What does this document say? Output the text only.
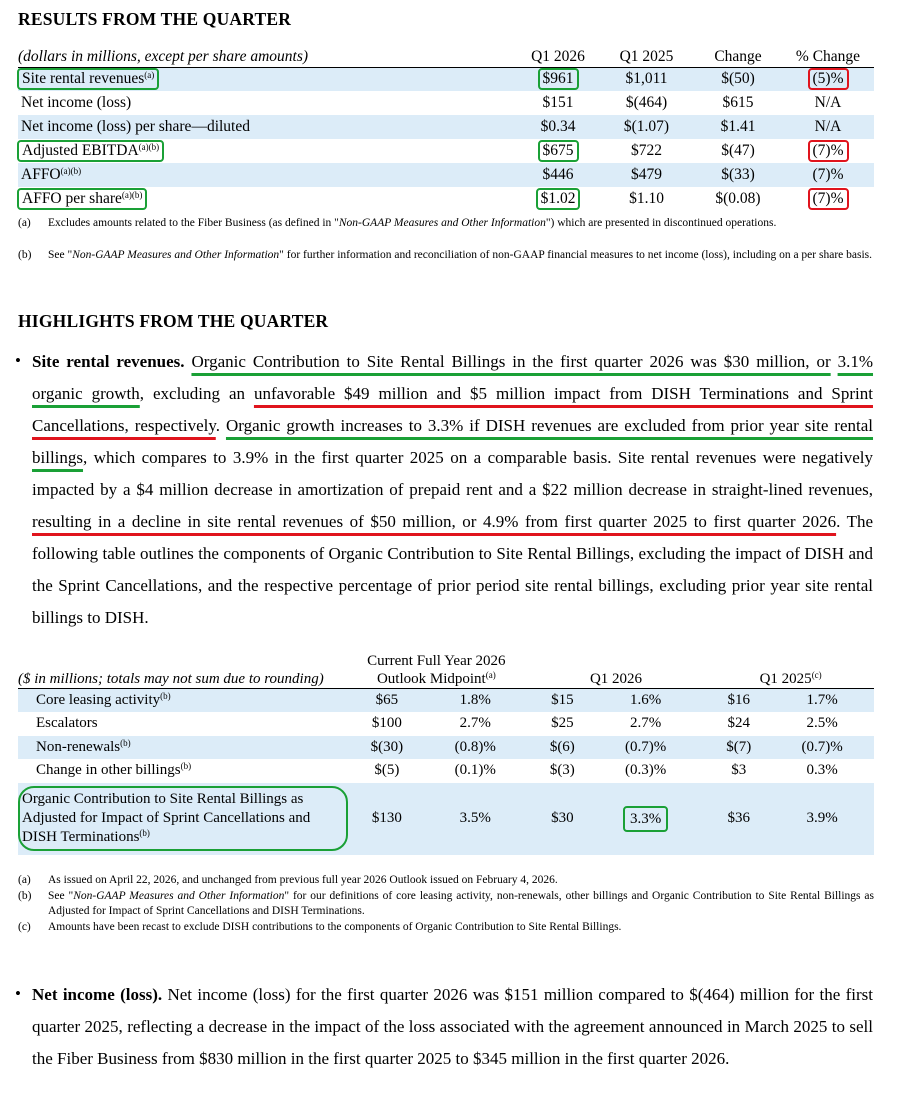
RESULTS FROM THE QUARTER
(dollars in millions, except per share amounts)	Q1 2026	Q1 2025	Change	% Change
Site rental revenues$^{(a)}$	$961	$1,011	$(50)	(5)%
Net income (loss)	$151	$(464)	$615	N/A
Net income (loss) per share—diluted	$0.34	$(1.07)	$1.41	N/A
Adjusted $EBITDA^{(a)(b)}$	$675	$722	$(47)	(7)%
$AFFO^{(a)(b)}$	$446	$479	$(33)	(7)%
AFFO per share$^{(a)(b)}$	$1.02	$1.10	$(0.08)	(7)%
(a) Excludes amounts related to the Fiber Business (as defined in "Non-GAAP Measures and Other Information") which are presented in discontinued operations.
(b) See "Non-GAAP Measures and Other Information" for further information and reconciliation of non-GAAP financial measures to net income (loss), including on a per share basis.
HIGHLIGHTS FROM THE QUARTER
• Site rental revenues. Organic Contribution to Site Rental Billings in the first quarter 2026 was $30 million, or 3.1% organic growth, excluding an unfavorable $49 million and $5 million impact from DISH Terminations and Sprint Cancellations, respectively. Organic growth increases to 3.3% if DISH revenues are excluded from prior year site rental billings, which compares to 3.9% in the first quarter 2025 on a comparable basis. Site rental revenues were negatively impacted by a $4 million decrease in amortization of prepaid rent and a $22 million decrease in straight-lined revenues, resulting in a decline in site rental revenues of $50 million, or 4.9% from first quarter 2025 to first quarter 2026. The following table outlines the components of Organic Contribution to Site Rental Billings, excluding the impact of DISH and the Sprint Cancellations, and the respective percentage of prior period site rental billings, excluding prior year site rental billings to DISH.
($ in millions; totals may not sum due to rounding)	Current Full Year 2026 Outlook Midpoint$^{(a)}$			Q1 2026			Q1 2025$^{(c)}$
Core leasing activity$^{(b)}$	$65	1.8%		$15	1.6%		$16	1.7%
Escalators	$100	2.7%		$25	2.7%		$24	2.5%
Non-renewals$^{(b)}$	$(30)	(0.8)%		$(6)	(0.7)%		$(7)	(0.7)%
Change in other billings$^{(b)}$	$(5)	(0.1)%		$(3)	(0.3)%		$3	0.3%
Organic Contribution to Site Rental Billings as Adjusted for Impact of Sprint Cancellations and DISH Terminations$^{(b)}$	$130	3.5%		$30	3.3%		$36	3.9%
(a) As issued on April 22, 2026, and unchanged from previous full year 2026 Outlook issued on February 4, 2026.
(b) See "Non-GAAP Measures and Other Information" for our definitions of core leasing activity, non-renewals, other billings and Organic Contribution to Site Rental Billings as Adjusted for Impact of Sprint Cancellations and DISH Terminations.
(c) Amounts have been recast to exclude DISH contributions to the components of Organic Contribution to Site Rental Billings.
• Net income (loss). Net income (loss) for the first quarter 2026 was $151 million compared to $(464) million for the first quarter 2025, reflecting a decrease in the impact of the loss associated with the agreement announced in March 2025 to sell the Fiber Business from $830 million in the first quarter 2025 to $345 million in the first quarter 2026.
